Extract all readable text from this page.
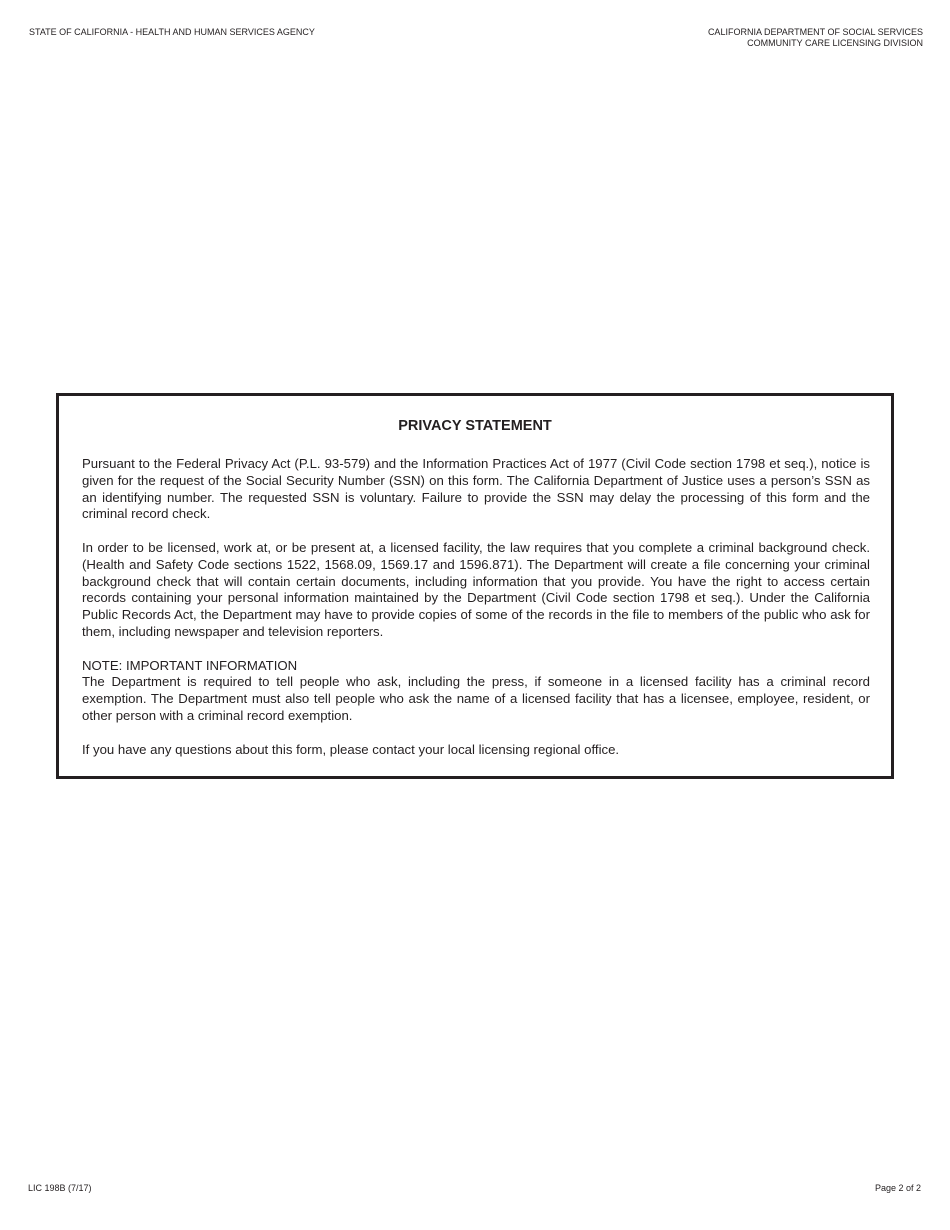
STATE OF CALIFORNIA - HEALTH AND HUMAN SERVICES AGENCY	CALIFORNIA DEPARTMENT OF SOCIAL SERVICES
COMMUNITY CARE LICENSING DIVISION
PRIVACY STATEMENT

Pursuant to the Federal Privacy Act (P.L. 93-579) and the Information Practices Act of 1977 (Civil Code section 1798 et seq.), notice is given for the request of the Social Security Number (SSN) on this form. The California Department of Justice uses a person’s SSN as an identifying number. The requested SSN is voluntary. Failure to provide the SSN may delay the processing of this form and the criminal record check.

In order to be licensed, work at, or be present at, a licensed facility, the law requires that you complete a criminal background check. (Health and Safety Code sections 1522, 1568.09, 1569.17 and 1596.871). The Department will create a file concerning your criminal background check that will contain certain documents, including information that you provide. You have the right to access certain records containing your personal information maintained by the Department (Civil Code section 1798 et seq.). Under the California Public Records Act, the Department may have to provide copies of some of the records in the file to members of the public who ask for them, including newspaper and television reporters.

NOTE: IMPORTANT INFORMATION
The Department is required to tell people who ask, including the press, if someone in a licensed facility has a criminal record exemption. The Department must also tell people who ask the name of a licensed facility that has a licensee, employee, resident, or other person with a criminal record exemption.

If you have any questions about this form, please contact your local licensing regional office.

LIC 198B (7/17)	Page 2 of 2
